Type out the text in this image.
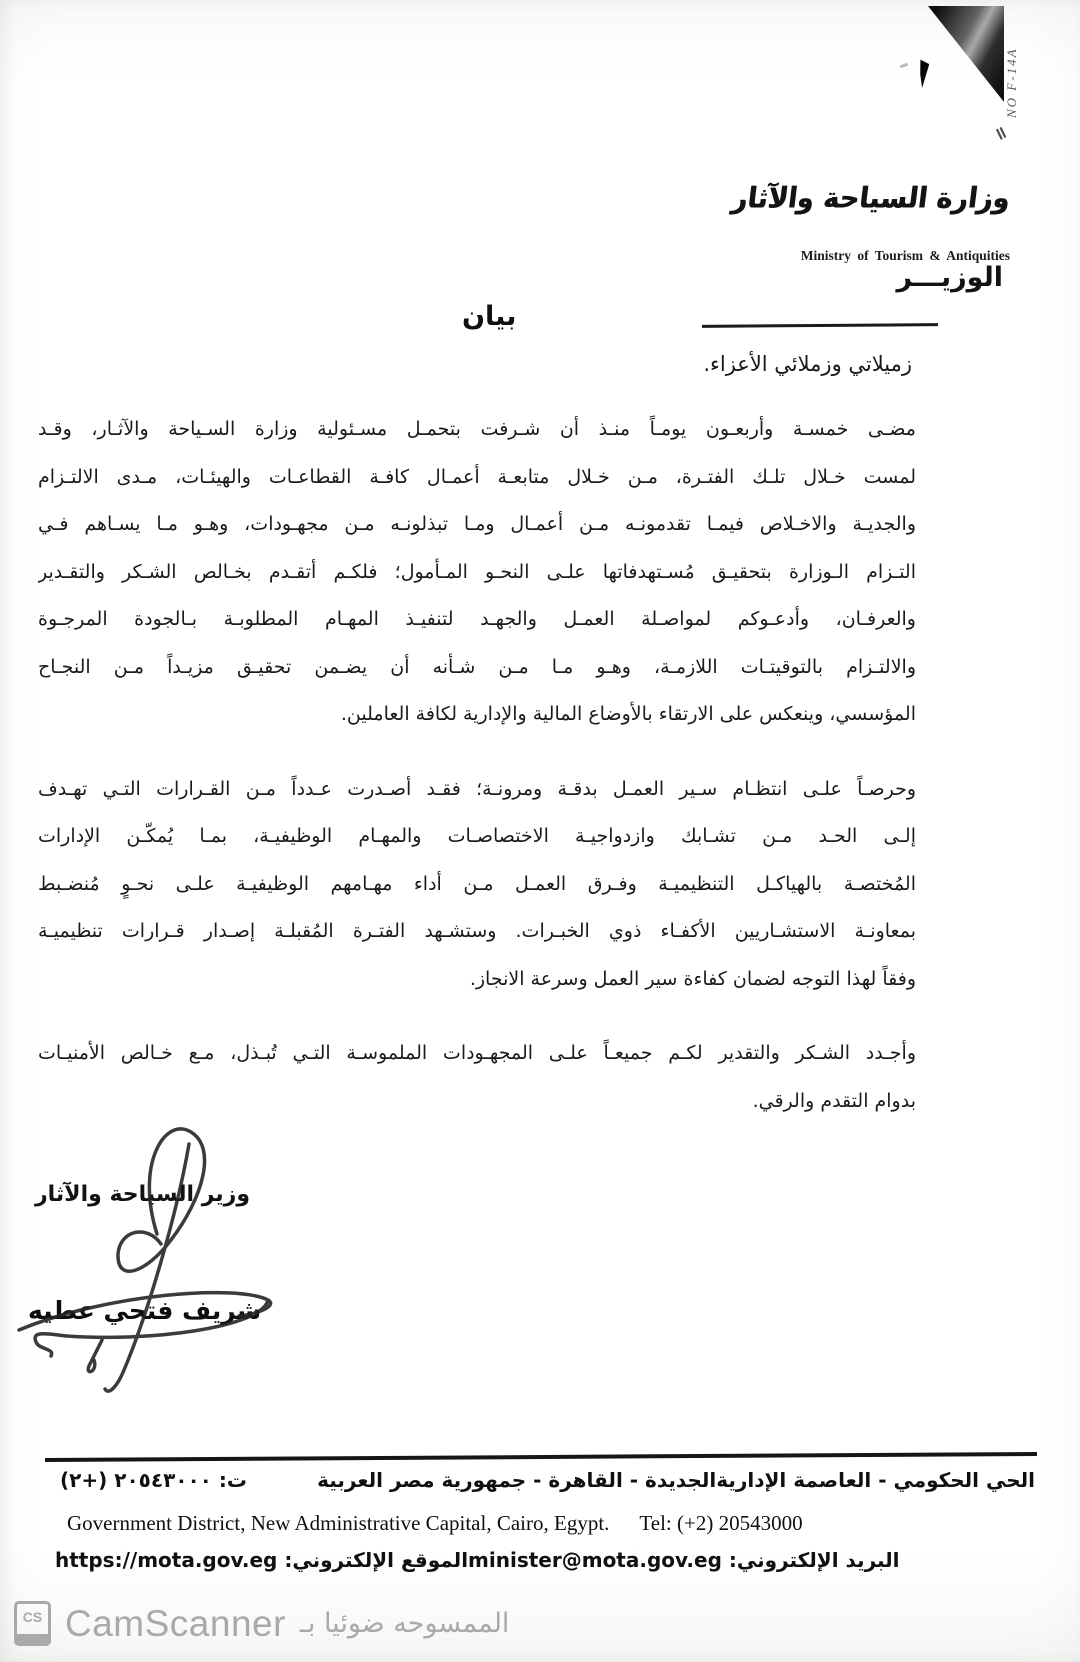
NO F-14A
=
وزارة السياحة والآثار
Ministry of Tourism & Antiquities
الوزيـــر
بيان
زميلاتي وزملائي الأعزاء.
مضـى خمسـة وأربعـون يومـاً منـذ أن شـرفت بتحمـل مسـئولية وزارة السـياحة والآثـار، وقـد
لمست خـلال تلـك الفتـرة، مـن خـلال متابعـة أعمـال كافـة القطاعـات والهيئـات، مـدى الالتـزام
والجديـة والاخـلاص فيمـا تقدمونـه مـن أعمـال ومـا تبذلونـه مـن مجهـودات، وهـو مـا يسـاهم فـي
التـزام الـوزارة بتحقيـق مُسـتهدفاتها علـى النحـو المـأمول؛ فلكـم أتقـدم بخـالص الشـكر والتقـدير
والعرفـان، وأدعـوكم لمواصـلة العمـل والجهـد لتنفيـذ المهـام المطلوبـة بـالجودة المرجـوة
والالتـزام بالتوقيتـات اللازمـة، وهـو مـا مـن شـأنه أن يضـمن تحقيـق مزيـداً مـن النجـاح
المؤسسي، وينعكس على الارتقاء بالأوضاع المالية والإدارية لكافة العاملين.
وحرصـاً علـى انتظـام سـير العمـل بدقـة ومرونـة؛ فقـد أصـدرت عـدداً مـن القـرارات التـي تهـدف
إلـى الحـد مـن تشـابك وازدواجيـة الاختصاصـات والمهـام الوظيفيـة، بمـا يُمكّـن الإدارات
المُختصـة بالهياكـل التنظيميـة وفـرق العمـل مـن أداء مهـامهم الوظيفيـة علـى نحـوٍ مُنضـبط
بمعاونـة الاستشـاريين الأكفـاء ذوي الخبـرات. وستشـهد الفتـرة المُقبلـة إصـدار قـرارات تنظيميـة
وفقاً لهذا التوجه لضمان كفاءة سير العمل وسرعة الانجاز.
وأجـدد الشـكر والتقدير لكـم جميعـاً علـى المجهـودات الملموسـة التـي تُبـذل، مـع خـالص الأمنيـات
بدوام التقدم والرقي.
وزير السياحة والآثار
شريف فتحي عطيه
الحي الحكومي - العاصمة الإداريةالجديدة - القاهرة - جمهورية مصر العربية
ت: ٢٠٥٤٣٠٠٠ (+٢)
Government District, New Administrative Capital, Cairo, Egypt. Tel: (+2) 20543000
الموقع الإلكتروني: https://mota.gov.eg	البريد الإلكتروني: minister@mota.gov.eg
CS CamScanner الممسوحه ضوئيا بـ
